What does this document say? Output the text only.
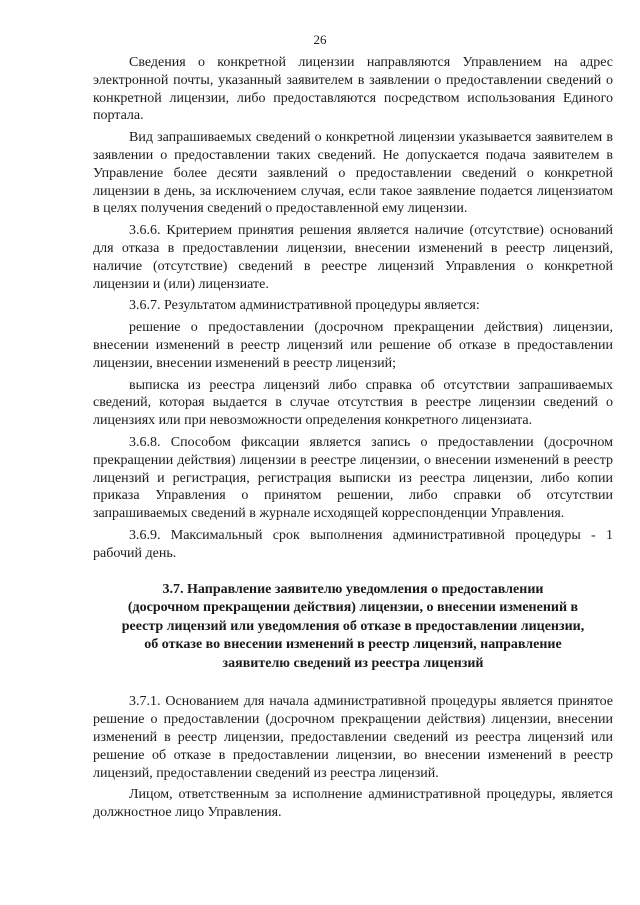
26

Сведения о конкретной лицензии направляются Управлением на адрес электронной почты, указанный заявителем в заявлении о предоставлении сведений о конкретной лицензии, либо предоставляются посредством использования Единого портала.

Вид запрашиваемых сведений о конкретной лицензии указывается заявителем в заявлении о предоставлении таких сведений. Не допускается подача заявителем в Управление более десяти заявлений о предоставлении сведений о конкретной лицензии в день, за исключением случая, если такое заявление подается лицензиатом в целях получения сведений о предоставленной ему лицензии.

3.6.6. Критерием принятия решения является наличие (отсутствие) оснований для отказа в предоставлении лицензии, внесении изменений в реестр лицензий, наличие (отсутствие) сведений в реестре лицензий Управления о конкретной лицензии и (или) лицензиате.

3.6.7. Результатом административной процедуры является:

решение о предоставлении (досрочном прекращении действия) лицензии, внесении изменений в реестр лицензий или решение об отказе в предоставлении лицензии, внесении изменений в реестр лицензий;

выписка из реестра лицензий либо справка об отсутствии запрашиваемых сведений, которая выдается в случае отсутствия в реестре лицензии сведений о лицензиях или при невозможности определения конкретного лицензиата.

3.6.8. Способом фиксации является запись о предоставлении (досрочном прекращении действия) лицензии в реестре лицензии, о внесении изменений в реестр лицензий и регистрация, регистрация выписки из реестра лицензии, либо копии приказа Управления о принятом решении, либо справки об отсутствии запрашиваемых сведений в журнале исходящей корреспонденции Управления.

3.6.9. Максимальный срок выполнения административной процедуры - 1 рабочий день.

3.7. Направление заявителю уведомления о предоставлении
(досрочном прекращении действия) лицензии, о внесении изменений в
реестр лицензий или уведомления об отказе в предоставлении лицензии,
об отказе во внесении изменений в реестр лицензий, направление
заявителю сведений из реестра лицензий

3.7.1. Основанием для начала административной процедуры является принятое решение о предоставлении (досрочном прекращении действия) лицензии, внесении изменений в реестр лицензии, предоставлении сведений из реестра лицензий или решение об отказе в предоставлении лицензии, во внесении изменений в реестр лицензий, предоставлении сведений из реестра лицензий.

Лицом, ответственным за исполнение административной процедуры, является должностное лицо Управления.
